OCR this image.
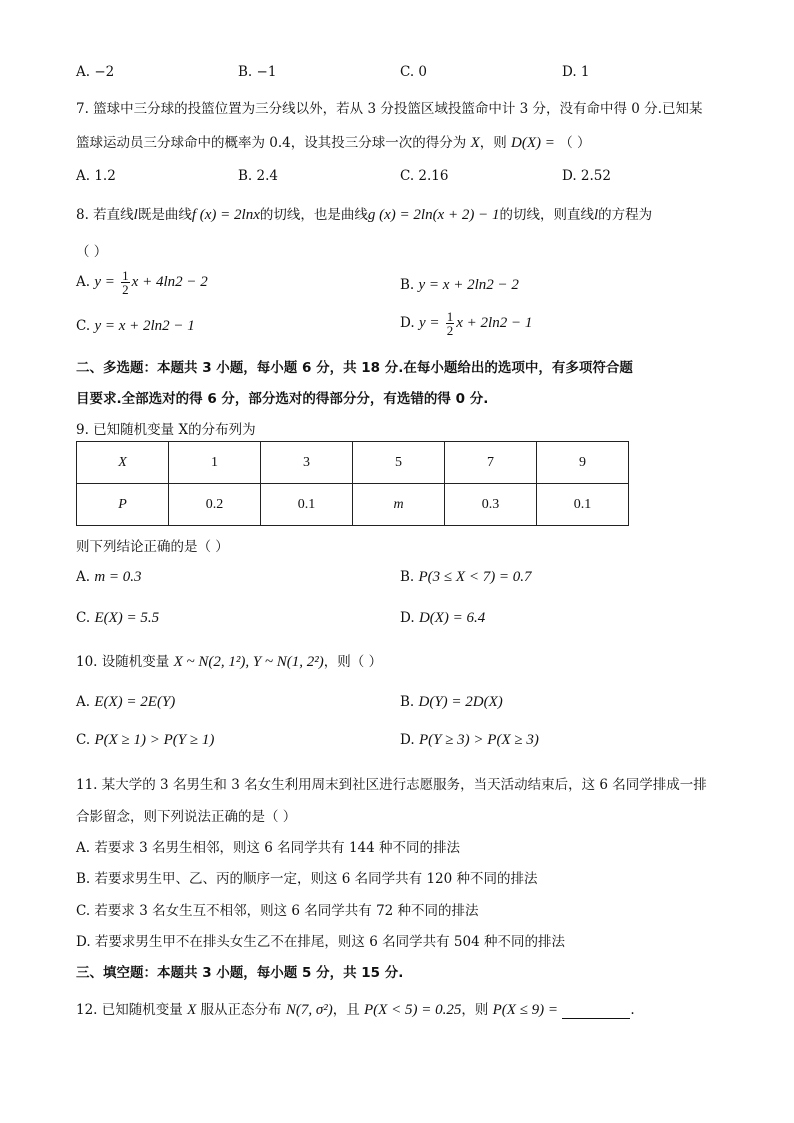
A. −2	B. −1	C. 0	D. 1
7. 篮球中三分球的投篮位置为三分线以外，若从 3 分投篮区域投篮命中计 3 分，没有命中得 0 分.已知某
篮球运动员三分球命中的概率为 0.4，设其投三分球一次的得分为 X，则 D(X) = （ ）
A. 1.2	B. 2.4	C. 2.16	D. 2.52
8. 若直线l既是曲线f (x) = 2lnx的切线，也是曲线g (x) = 2ln(x + 2) − 1的切线，则直线l的方程为
（ ）
A. $y = \frac{1}{2}$ x + 4ln2 − 2	B. y = x + 2ln2 − 2
C. y = x + 2ln2 − 1	D. $y = \frac{1}{2}$ x + 2ln2 − 1
二、多选题：本题共 3 小题，每小题 6 分，共 18 分.在每小题给出的选项中，有多项符合题
目要求.全部选对的得 6 分，部分选对的得部分分，有选错的得 0 分.
9. 已知随机变量 X的分布列为
X	1	3	5	7	9
P	0.2	0.1	m	0.3	0.1
则下列结论正确的是（ ）
A. m = 0.3	B. P(3 ≤ X < 7) = 0.7
C. E(X) = 5.5	D. D(X) = 6.4
10. 设随机变量 X ~ N(2, 1²), Y ~ N(1, 2²)，则（ ）
A. E(X) = 2E(Y)	B. D(Y) = 2D(X)
C. P(X ≥ 1) > P(Y ≥ 1)	D. P(Y ≥ 3) > P(X ≥ 3)
11. 某大学的 3 名男生和 3 名女生利用周末到社区进行志愿服务，当天活动结束后，这 6 名同学排成一排
合影留念，则下列说法正确的是（ ）
A. 若要求 3 名男生相邻，则这 6 名同学共有 144 种不同的排法
B. 若要求男生甲、乙、丙的顺序一定，则这 6 名同学共有 120 种不同的排法
C. 若要求 3 名女生互不相邻，则这 6 名同学共有 72 种不同的排法
D. 若要求男生甲不在排头女生乙不在排尾，则这 6 名同学共有 504 种不同的排法
三、填空题：本题共 3 小题，每小题 5 分，共 15 分.
12. 已知随机变量 X 服从正态分布 N(7, σ²)，且 P(X < 5) = 0.25，则 P(X ≤ 9) =	.
